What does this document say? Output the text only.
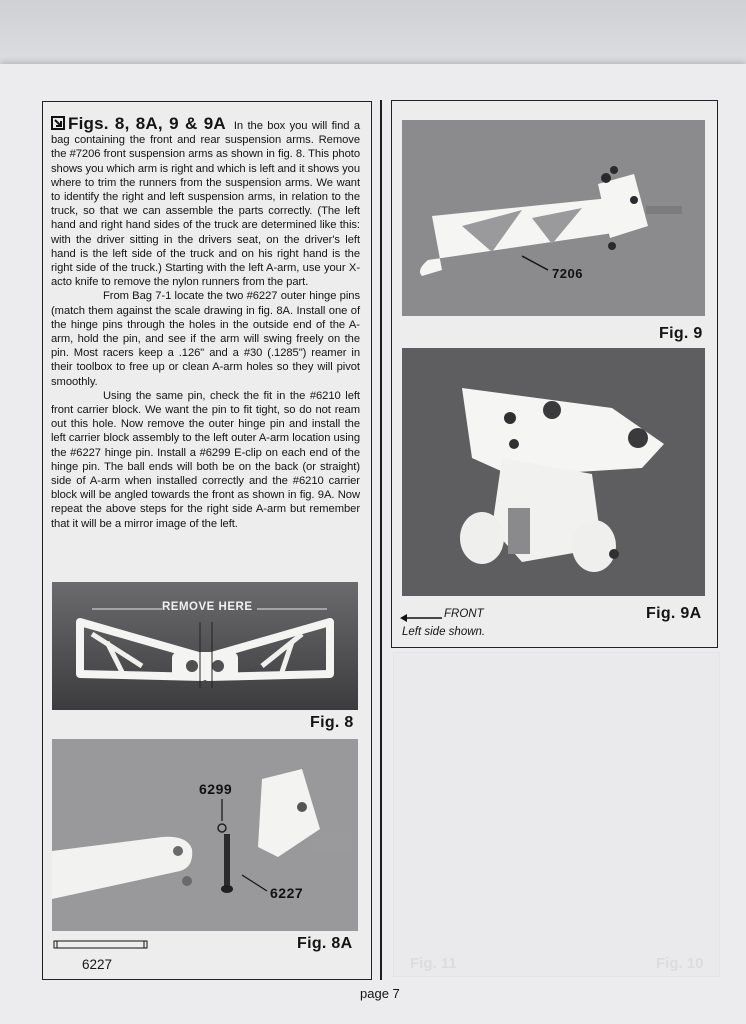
Fig. 11	Fig. 10

Figs. 8, 8A, 9 & 9A In the box you will find a bag containing the front and rear suspension arms. Remove the #7206 front suspension arms as shown in fig. 8. This photo shows you which arm is right and which is left and it shows you where to trim the runners from the suspension arms. We want to identify the right and left suspension arms, in relation to the truck, so that we can assemble the parts correctly. (The left hand and right hand sides of the truck are determined like this: with the driver sitting in the drivers seat, on the driver's left hand is the left side of the truck and on his right hand is the right side of the truck.) Starting with the left A-arm, use your X-acto knife to remove the nylon runners from the part.

From Bag 7-1 locate the two #6227 outer hinge pins (match them against the scale drawing in fig. 8A. Install one of the hinge pins through the holes in the outside end of the A-arm, hold the pin, and see if the arm will swing freely on the pin. Most racers keep a .126" and a #30 (.1285") reamer in their toolbox to free up or clean A-arm holes so they will pivot smoothly.

Using the same pin, check the fit in the #6210 left front carrier block. We want the pin to fit tight, so do not ream out this hole. Now remove the outer hinge pin and install the left carrier block assembly to the left outer A-arm location using the #6227 hinge pin. Install a #6299 E-clip on each end of the hinge pin. The ball ends will both be on the back (or straight) side of A-arm when installed correctly and the #6210 carrier block will be angled towards the front as shown in fig. 9A. Now repeat the above steps for the right side A-arm but remember that it will be a mirror image of the left.

REMOVE HERE
Fig. 8
6299
6227
6227
Fig. 8A
7206
Fig. 9
FRONT
Left side shown.
Fig. 9A
page 7
